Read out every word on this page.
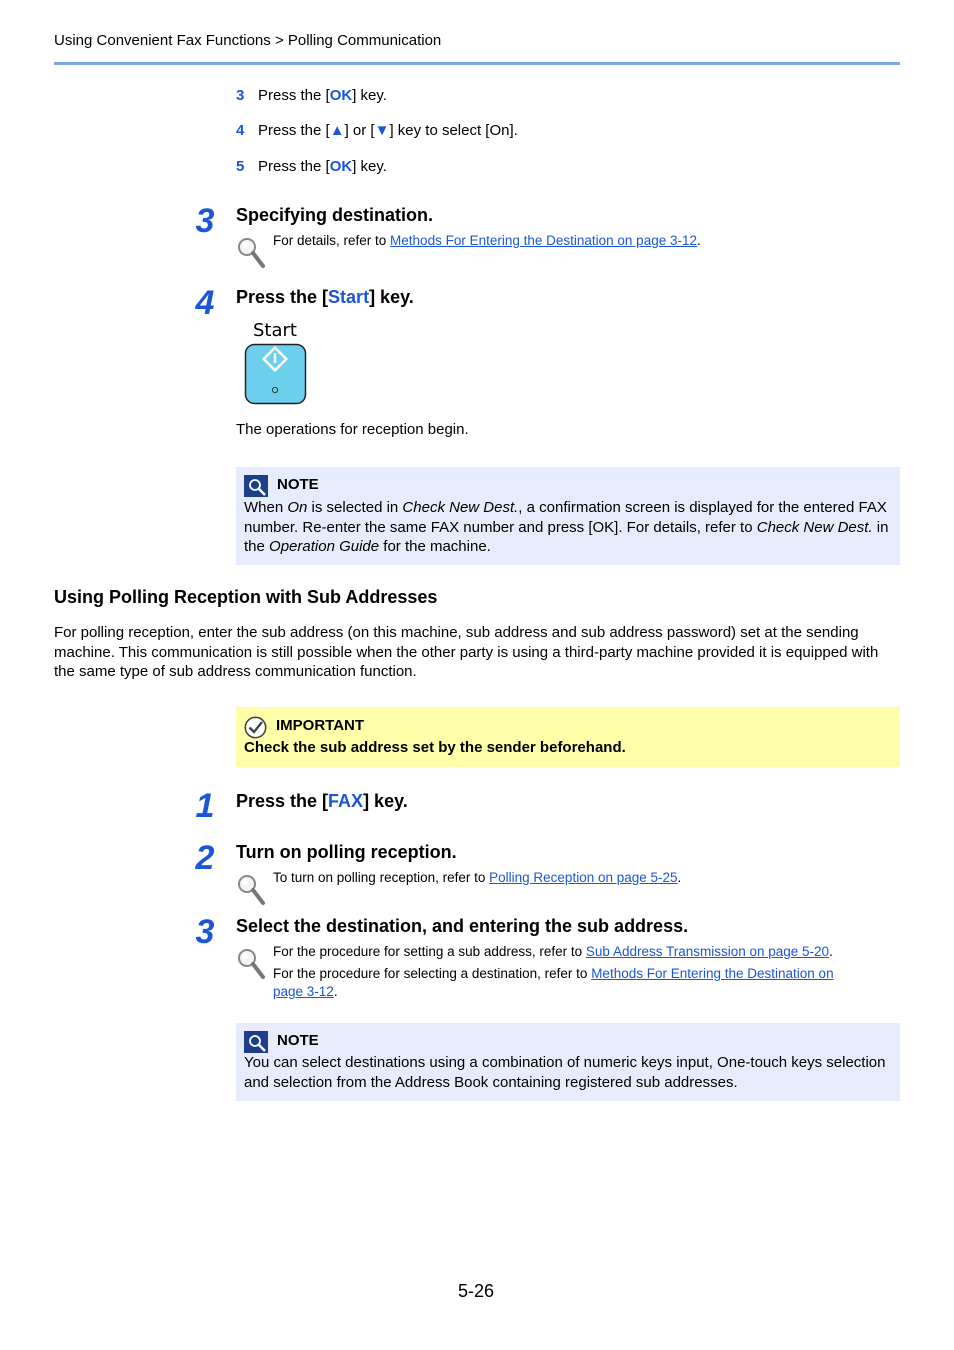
Using Convenient Fax Functions > Polling Communication
3 Press the [OK] key.
4 Press the [▲] or [▼] key to select [On].
5 Press the [OK] key.
3	Specifying destination.
For details, refer to Methods For Entering the Destination on page 3-12.
4	Press the [Start] key.
Start
The operations for reception begin.
NOTE
When On is selected in Check New Dest., a confirmation screen is displayed for the entered FAX number. Re-enter the same FAX number and press [OK]. For details, refer to Check New Dest. in the Operation Guide for the machine.
Using Polling Reception with Sub Addresses
For polling reception, enter the sub address (on this machine, sub address and sub address password) set at the sending machine. This communication is still possible when the other party is using a third-party machine provided it is equipped with the same type of sub address communication function.
IMPORTANT
Check the sub address set by the sender beforehand.
1	Press the [FAX] key.
2	Turn on polling reception.
To turn on polling reception, refer to Polling Reception on page 5-25.
3	Select the destination, and entering the sub address.
For the procedure for setting a sub address, refer to Sub Address Transmission on page 5-20.
For the procedure for selecting a destination, refer to Methods For Entering the Destination on
page 3-12.
NOTE
You can select destinations using a combination of numeric keys input, One-touch keys selection and selection from the Address Book containing registered sub addresses.
5-26
